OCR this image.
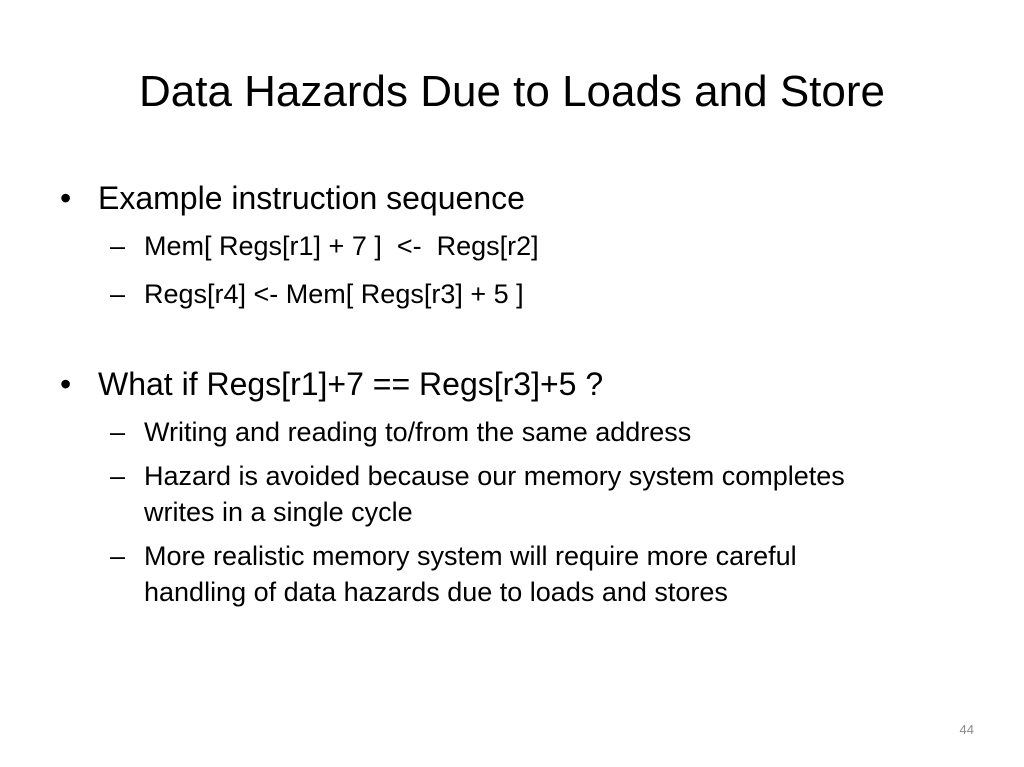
Data Hazards Due to Loads and Store
• Example instruction sequence
– Mem[ Regs[r1] + 7 ]  <-  Regs[r2]
– Regs[r4] <- Mem[ Regs[r3] + 5 ]
• What if Regs[r1]+7 == Regs[r3]+5 ?
– Writing and reading to/from the same address
– Hazard is avoided because our memory system completes writes in a single cycle
– More realistic memory system will require more careful handling of data hazards due to loads and stores
44
